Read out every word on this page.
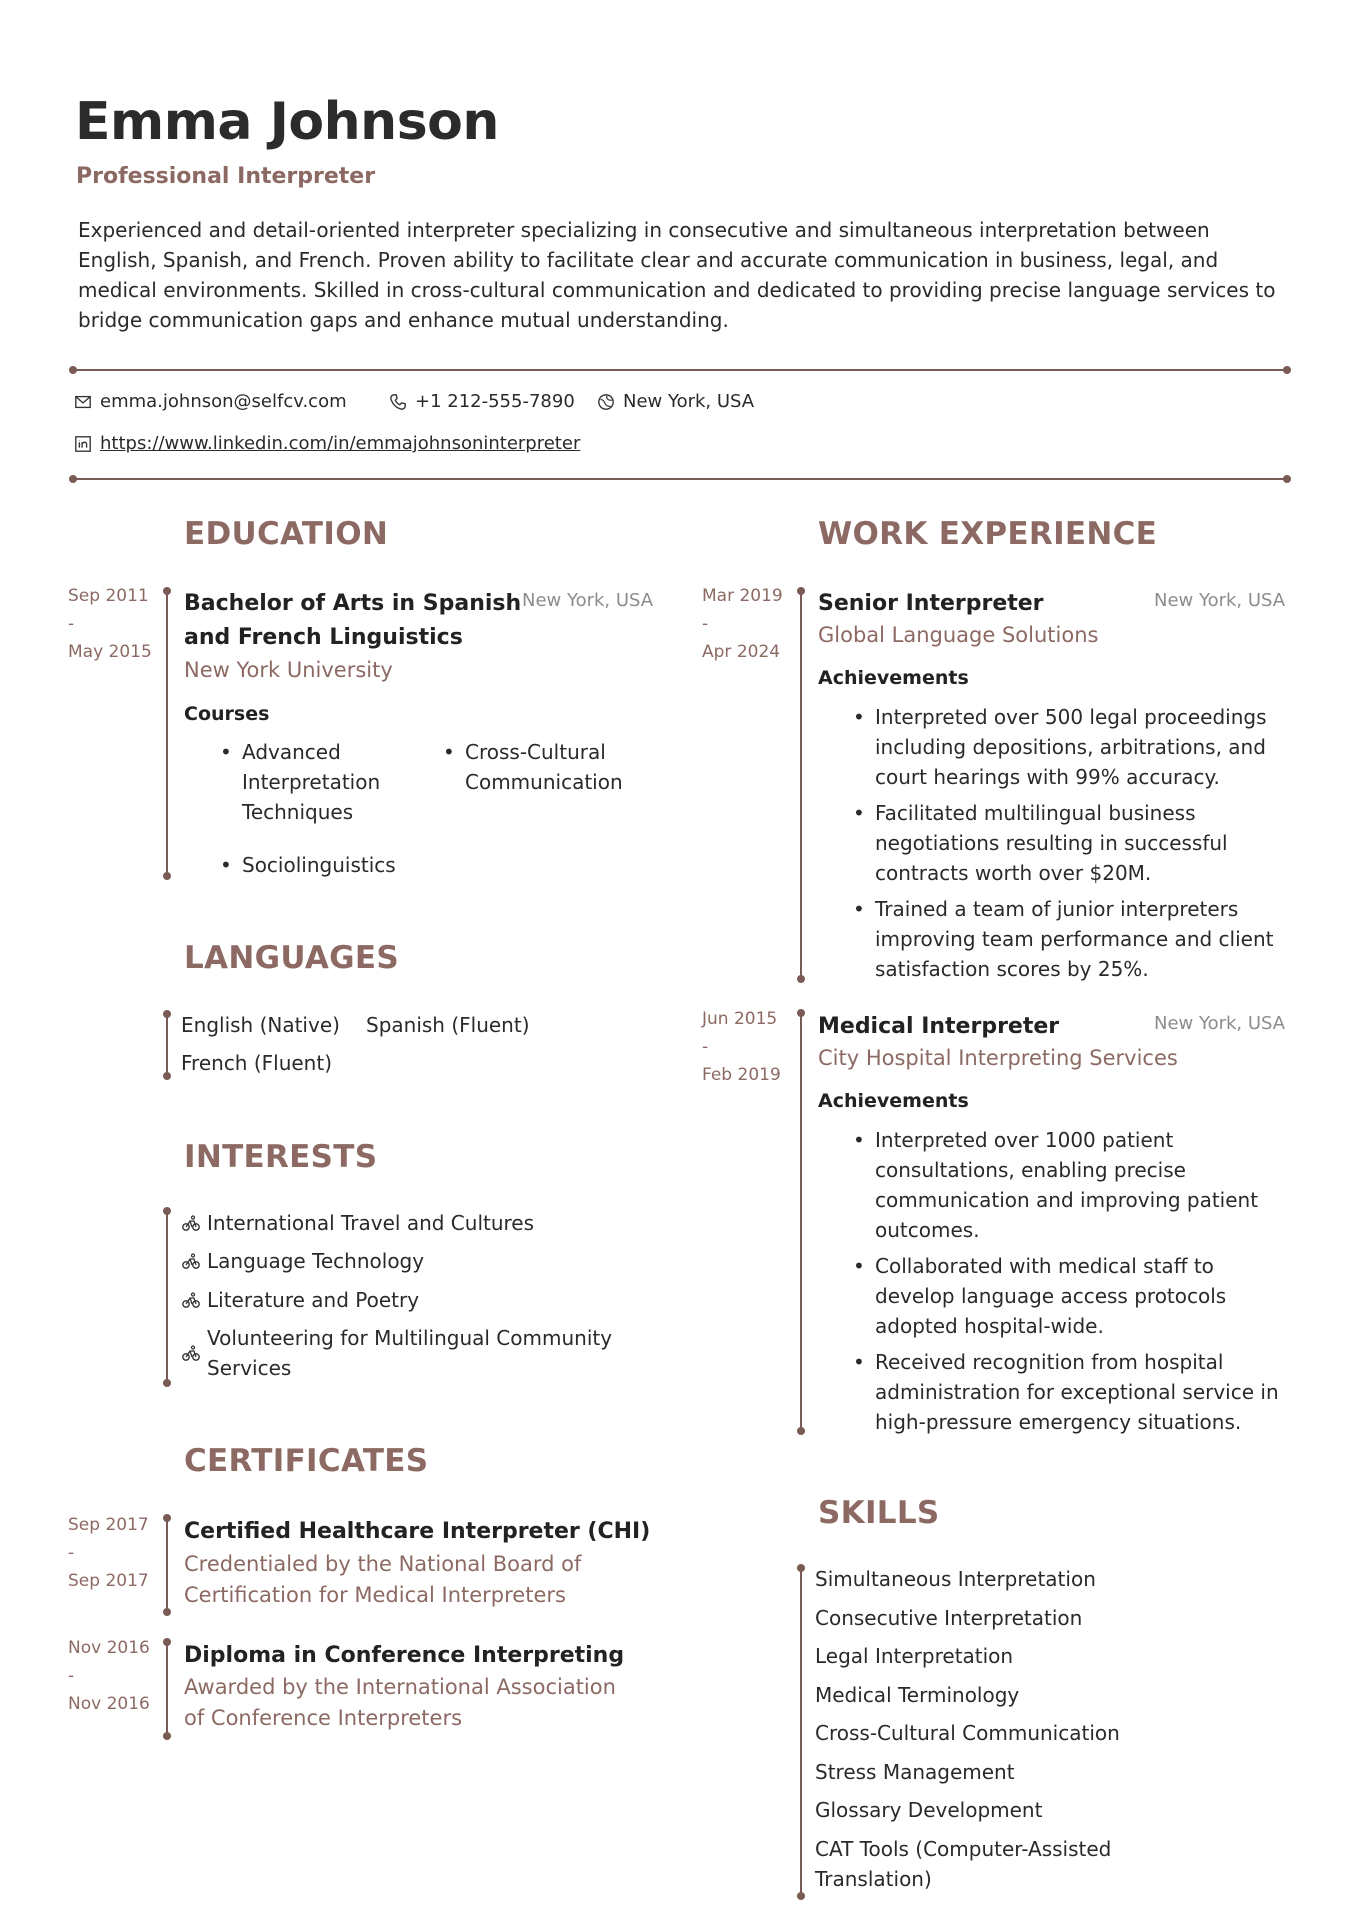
Emma Johnson
Professional Interpreter
Experienced and detail-oriented interpreter specializing in consecutive and simultaneous interpretation between English, Spanish, and French. Proven ability to facilitate clear and accurate communication in business, legal, and medical environments. Skilled in cross-cultural communication and dedicated to providing precise language services to bridge communication gaps and enhance mutual understanding.
emma.johnson@selfcv.com	+1 212-555-7890	New York, USA
https://www.linkedin.com/in/emmajohnsoninterpreter
EDUCATION
Sep 2011
-
May 2015
Bachelor of Arts in Spanish
and French Linguistics
New York, USA
New York University
Courses
• Advanced Interpretation Techniques
• Cross-Cultural Communication
• Sociolinguistics
LANGUAGES
English (Native) Spanish (Fluent)
French (Fluent)
INTERESTS
International Travel and Cultures
Language Technology
Literature and Poetry
Volunteering for Multilingual Community Services
CERTIFICATES
Sep 2017
-
Sep 2017
Certified Healthcare Interpreter (CHI)
Credentialed by the National Board of
Certification for Medical Interpreters
Nov 2016
-
Nov 2016
Diploma in Conference Interpreting
Awarded by the International Association
of Conference Interpreters
WORK EXPERIENCE
Mar 2019
-
Apr 2024
Senior Interpreter	New York, USA
Global Language Solutions
Achievements
• Interpreted over 500 legal proceedings including depositions, arbitrations, and court hearings with 99% accuracy.
• Facilitated multilingual business negotiations resulting in successful contracts worth over $20M.
• Trained a team of junior interpreters improving team performance and client satisfaction scores by 25%.
Jun 2015
-
Feb 2019
Medical Interpreter	New York, USA
City Hospital Interpreting Services
Achievements
• Interpreted over 1000 patient consultations, enabling precise communication and improving patient outcomes.
• Collaborated with medical staff to develop language access protocols adopted hospital-wide.
• Received recognition from hospital administration for exceptional service in high-pressure emergency situations.
SKILLS
Simultaneous Interpretation
Consecutive Interpretation
Legal Interpretation
Medical Terminology
Cross-Cultural Communication
Stress Management
Glossary Development
CAT Tools (Computer-Assisted Translation)
